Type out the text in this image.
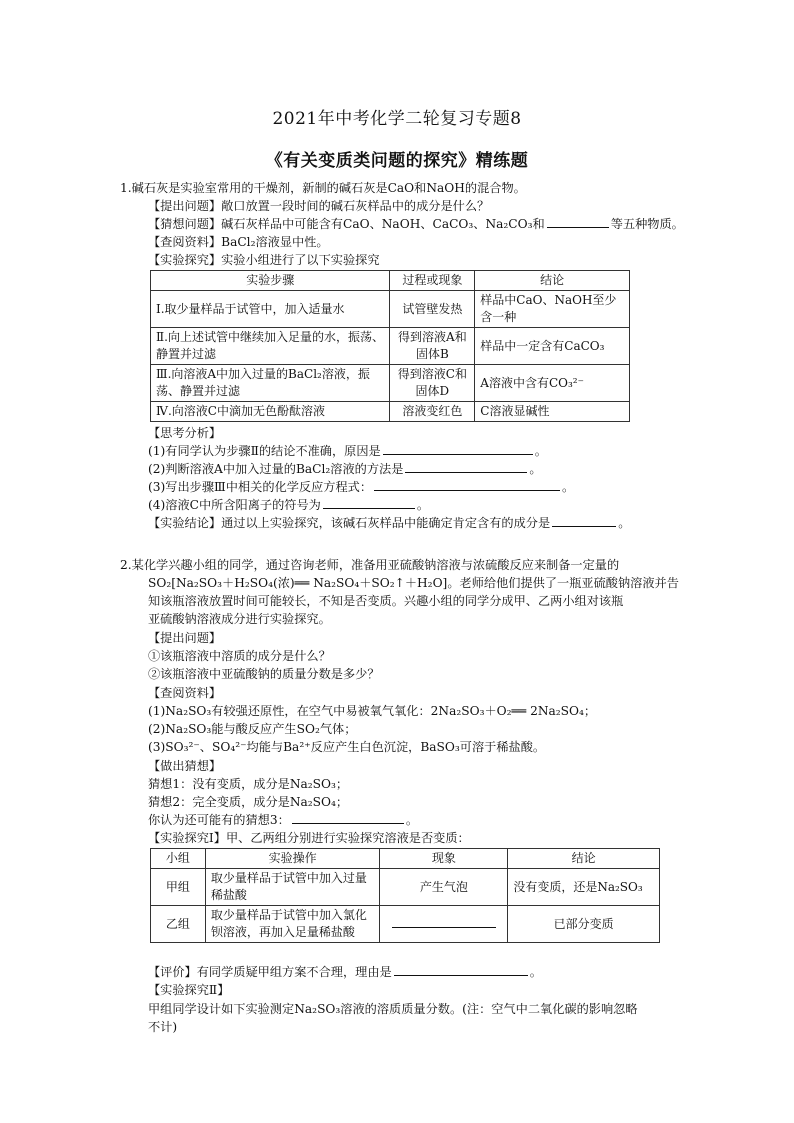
2021年中考化学二轮复习专题8
《有关变质类问题的探究》精练题
1.碱石灰是实验室常用的干燥剂，新制的碱石灰是CaO和NaOH的混合物。
【提出问题】敞口放置一段时间的碱石灰样品中的成分是什么？
【猜想问题】碱石灰样品中可能含有CaO、NaOH、CaCO₃、Na₂CO₃和	等五种物质。
【查阅资料】BaCl₂溶液显中性。
【实验探究】实验小组进行了以下实验探究
实验步骤	过程或现象	结论
Ⅰ.取少量样品于试管中，加入适量水	试管壁发热	样品中CaO、NaOH至少含一种
Ⅱ.向上述试管中继续加入足量的水，振荡、静置并过滤	得到溶液A和固体B	样品中一定含有CaCO₃
Ⅲ.向溶液A中加入过量的BaCl₂溶液，振荡、静置并过滤	得到溶液C和固体D	A溶液中含有CO₃²⁻
Ⅳ.向溶液C中滴加无色酚酞溶液	溶液变红色	C溶液显碱性
【思考分析】
(1)有同学认为步骤Ⅱ的结论不准确，原因是	。
(2)判断溶液A中加入过量的BaCl₂溶液的方法是	。
(3)写出步骤Ⅲ中相关的化学反应方程式：	。
(4)溶液C中所含阳离子的符号为	。
【实验结论】通过以上实验探究，该碱石灰样品中能确定肯定含有的成分是	。
2.某化学兴趣小组的同学，通过咨询老师，准备用亚硫酸钠溶液与浓硫酸反应来制备一定量的
SO₂[Na₂SO₃＋H₂SO₄(浓)══ Na₂SO₄＋SO₂↑＋H₂O]。老师给他们提供了一瓶亚硫酸钠溶液并告
知该瓶溶液放置时间可能较长，不知是否变质。兴趣小组的同学分成甲、乙两小组对该瓶
亚硫酸钠溶液成分进行实验探究。
【提出问题】
①该瓶溶液中溶质的成分是什么？
②该瓶溶液中亚硫酸钠的质量分数是多少？
【查阅资料】
(1)Na₂SO₃有较强还原性，在空气中易被氧气氧化：2Na₂SO₃＋O₂══ 2Na₂SO₄；
(2)Na₂SO₃能与酸反应产生SO₂气体；
(3)SO₃²⁻、SO₄²⁻均能与Ba²⁺反应产生白色沉淀，BaSO₃可溶于稀盐酸。
【做出猜想】
猜想1：没有变质，成分是Na₂SO₃；
猜想2：完全变质，成分是Na₂SO₄；
你认为还可能有的猜想3：	。
【实验探究Ⅰ】甲、乙两组分别进行实验探究溶液是否变质：
小组	实验操作	现象	结论
甲组	取少量样品于试管中加入过量稀盐酸	产生气泡	没有变质，还是Na₂SO₃
乙组	取少量样品于试管中加入氯化钡溶液，再加入足量稀盐酸		已部分变质
【评价】有同学质疑甲组方案不合理，理由是	。
【实验探究Ⅱ】
甲组同学设计如下实验测定Na₂SO₃溶液的溶质质量分数。(注：空气中二氧化碳的影响忽略
不计)
